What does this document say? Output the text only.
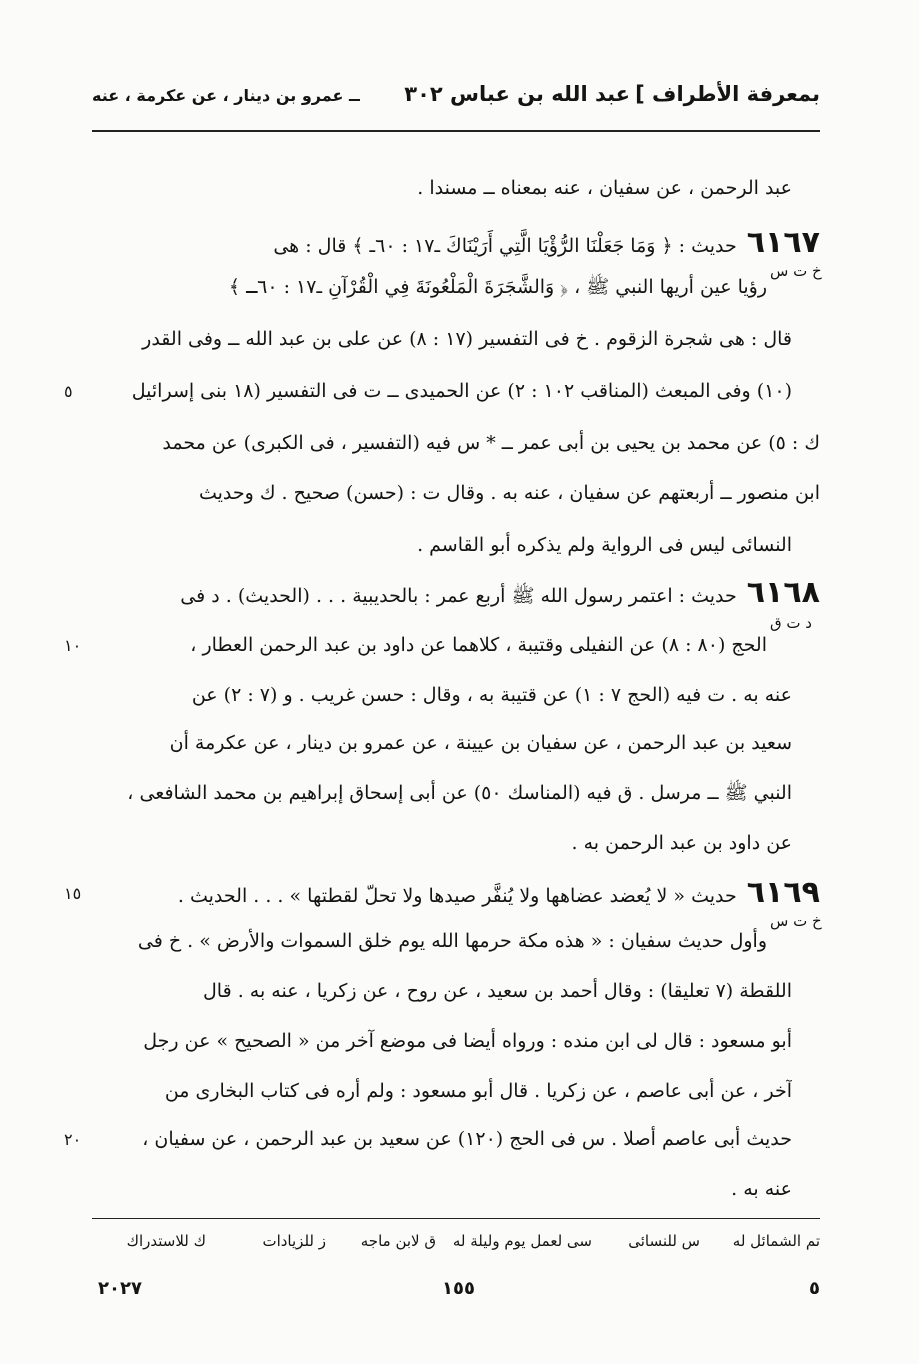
بمعرفة الأطراف ]
عبد الله بن عباس ٣٠٢
ــ عمرو بن دينار ، عن عكرمة ، عنه
عبد الرحمن ، عن سفيان ، عنه بمعناه ــ مسندا .
٦١٦٧حديث : ﴿ وَمَا جَعَلْنَا الرُّؤْيَا الَّتِي أَرَيْنَاكَ ـ١٧ : ٦٠ـ ﴾ قال : هى
خ ت س
رؤيا عين أريها النبي ﷺ ، ﴿ وَالشَّجَرَةَ الْمَلْعُونَةَ فِي الْقُرْآنِ ـ١٧ : ٦٠ـ ﴾
قال : هى شجرة الزقوم . خ فى التفسير (١٧ : ٨) عن على بن عبد الله ــ وفى القدر
(١٠) وفى المبعث (المناقب ١٠٢ : ٢) عن الحميدى ــ ت فى التفسير (١٨ بنى إسرائيل
٥
ك : ٥) عن محمد بن يحيى بن أبى عمر ــ * س فيه (التفسير ، فى الكبرى) عن محمد
ابن منصور ــ أربعتهم عن سفيان ، عنه به . وقال ت : (حسن) صحيح . ك وحديث
النسائى ليس فى الرواية ولم يذكره أبو القاسم .
٦١٦٨حديث : اعتمر رسول الله ﷺ أربع عمر : بالحديبية . . . (الحديث) . د فى
د ت ق
الحج (٨٠ : ٨) عن النفيلى وقتيبة ، كلاهما عن داود بن عبد الرحمن العطار ،
١٠
عنه به . ت فيه (الحج ٧ : ١) عن قتيبة به ، وقال : حسن غريب . و (٧ : ٢) عن
سعيد بن عبد الرحمن ، عن سفيان بن عيينة ، عن عمرو بن دينار ، عن عكرمة أن
النبي ﷺ ــ مرسل . ق فيه (المناسك ٥٠) عن أبى إسحاق إبراهيم بن محمد الشافعى ،
عن داود بن عبد الرحمن به .
٦١٦٩حديث « لا يُعضد عضاهها ولا يُنفَّر صيدها ولا تحلّ لقطتها » . . . الحديث .
١٥
خ ت س
وأول حديث سفيان : « هذه مكة حرمها الله يوم خلق السموات والأرض » . خ فى
اللقطة (٧ تعليقا) : وقال أحمد بن سعيد ، عن روح ، عن زكريا ، عنه به . قال
أبو مسعود : قال لى ابن منده : ورواه أيضا فى موضع آخر من « الصحيح » عن رجل
آخر ، عن أبى عاصم ، عن زكريا . قال أبو مسعود : ولم أره فى كتاب البخارى من
حديث أبى عاصم أصلا . س فى الحج (١٢٠) عن سعيد بن عبد الرحمن ، عن سفيان ،
٢٠
عنه به .
تم الشمائل له
س للنسائى
سى لعمل يوم وليلة له
ق لابن ماجه
ز للزيادات
ك للاستدراك
٢٠٢٧	١٥٥	٥
